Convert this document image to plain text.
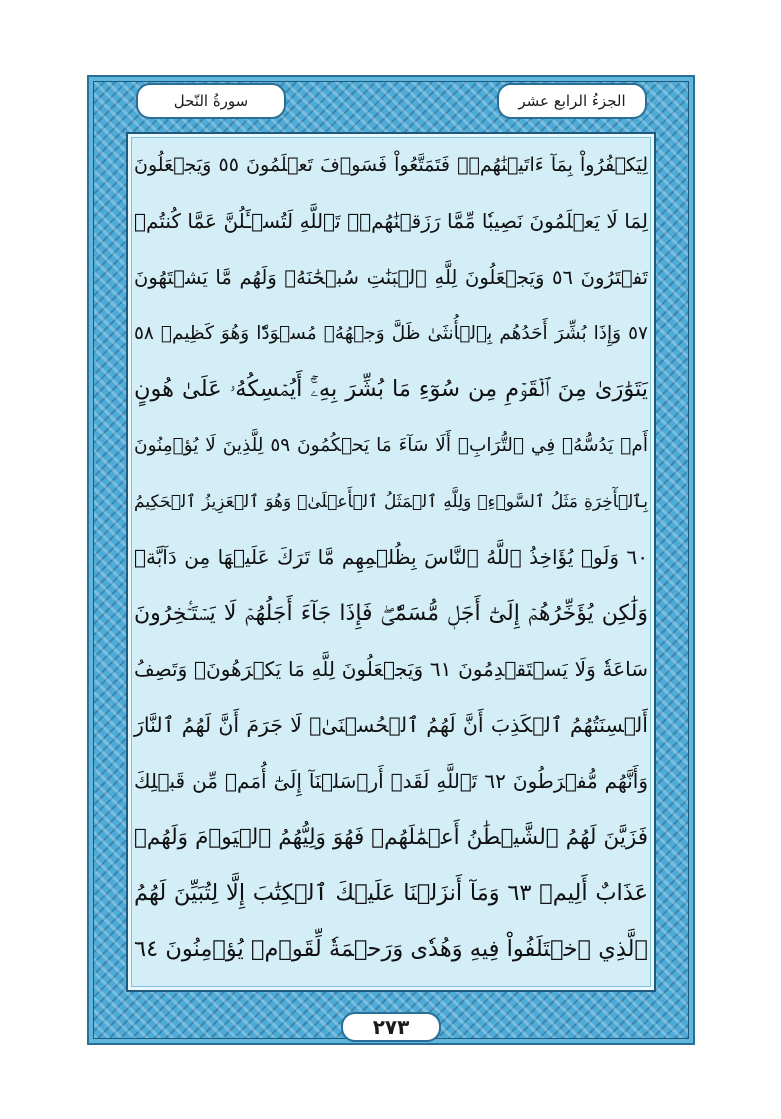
سورةُ النّحل	الجزءُ الرابع عشر
لِيَكۡفُرُواْ بِمَآ ءَاتَيۡنَٰهُمۡۚ فَتَمَتَّعُواْ فَسَوۡفَ تَعۡلَمُونَ ٥٥ وَيَجۡعَلُونَ
لِمَا لَا يَعۡلَمُونَ نَصِيبٗا مِّمَّا رَزَقۡنَٰهُمۡۗ تَٱللَّهِ لَتُسۡـَٔلُنَّ عَمَّا كُنتُمۡ
تَفۡتَرُونَ ٥٦ وَيَجۡعَلُونَ لِلَّهِ ٱلۡبَنَٰتِ سُبۡحَٰنَهُۥ وَلَهُم مَّا يَشۡتَهُونَ
٥٧ وَإِذَا بُشِّرَ أَحَدُهُم بِٱلۡأُنثَىٰ ظَلَّ وَجۡهُهُۥ مُسۡوَدّٗا وَهُوَ كَظِيمٞ ٥٨
يَتَوَٰرَىٰ مِنَ ٱلۡقَوۡمِ مِن سُوٓءِ مَا بُشِّرَ بِهِۦٓۚ أَيُمۡسِكُهُۥ عَلَىٰ هُونٍ
أَمۡ يَدُسُّهُۥ فِي ٱلتُّرَابِۗ أَلَا سَآءَ مَا يَحۡكُمُونَ ٥٩ لِلَّذِينَ لَا يُؤۡمِنُونَ
بِٱلۡأٓخِرَةِ مَثَلُ ٱلسَّوۡءِۖ وَلِلَّهِ ٱلۡمَثَلُ ٱلۡأَعۡلَىٰۚ وَهُوَ ٱلۡعَزِيزُ ٱلۡحَكِيمُ
٦٠ وَلَوۡ يُؤَاخِذُ ٱللَّهُ ٱلنَّاسَ بِظُلۡمِهِم مَّا تَرَكَ عَلَيۡهَا مِن دَآبَّةٖ
وَلَٰكِن يُؤَخِّرُهُمۡ إِلَىٰٓ أَجَلٖ مُّسَمّٗىۖ فَإِذَا جَآءَ أَجَلُهُمۡ لَا يَسۡتَـٔۡخِرُونَ
سَاعَةٗ وَلَا يَسۡتَقۡدِمُونَ ٦١ وَيَجۡعَلُونَ لِلَّهِ مَا يَكۡرَهُونَۚ وَتَصِفُ
أَلۡسِنَتُهُمُ ٱلۡكَذِبَ أَنَّ لَهُمُ ٱلۡحُسۡنَىٰۚ لَا جَرَمَ أَنَّ لَهُمُ ٱلنَّارَ
وَأَنَّهُم مُّفۡرَطُونَ ٦٢ تَٱللَّهِ لَقَدۡ أَرۡسَلۡنَآ إِلَىٰٓ أُمَمٖ مِّن قَبۡلِكَ
فَزَيَّنَ لَهُمُ ٱلشَّيۡطَٰنُ أَعۡمَٰلَهُمۡ فَهُوَ وَلِيُّهُمُ ٱلۡيَوۡمَ وَلَهُمۡ
عَذَابٌ أَلِيمٞ ٦٣ وَمَآ أَنزَلۡنَا عَلَيۡكَ ٱلۡكِتَٰبَ إِلَّا لِتُبَيِّنَ لَهُمُ
ٱلَّذِي ٱخۡتَلَفُواْ فِيهِ وَهُدٗى وَرَحۡمَةٗ لِّقَوۡمٖ يُؤۡمِنُونَ ٦٤
٢٧٣
